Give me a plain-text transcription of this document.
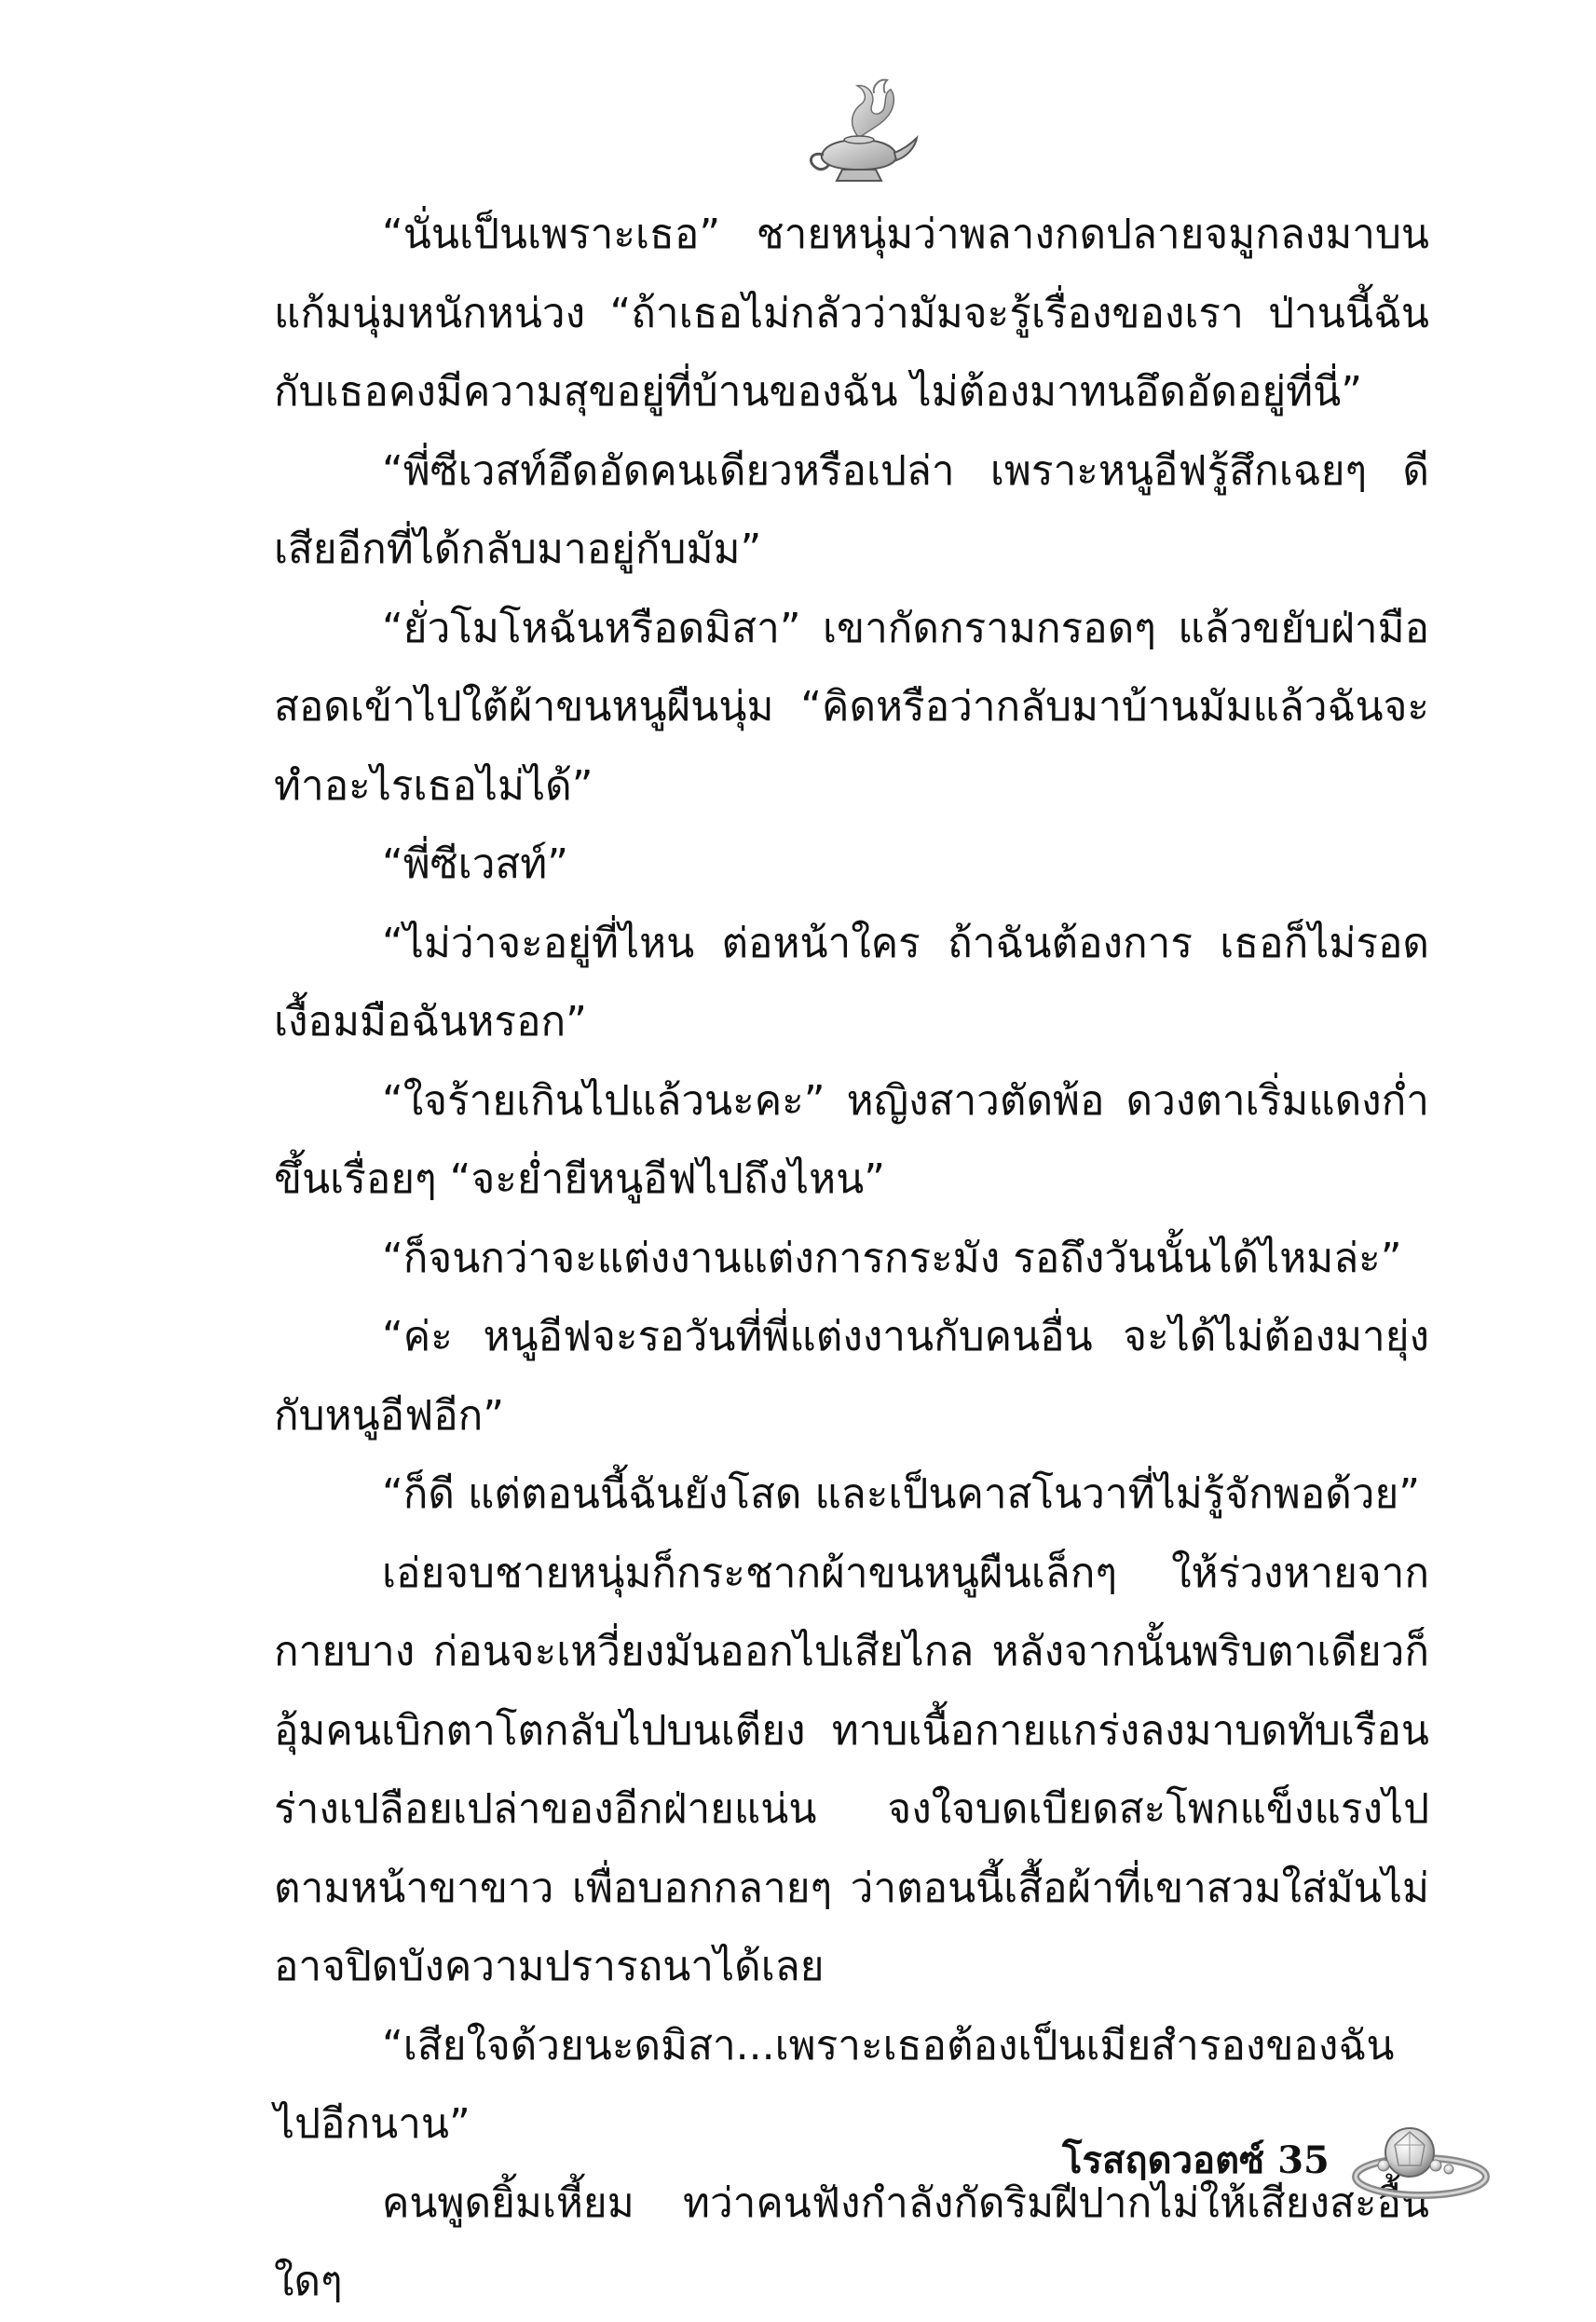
“นั่นเป็นเพราะเธอ” ชายหนุ่มว่าพลางกดปลายจมูกลงมาบนแก้มนุ่มหนักหน่วง “ถ้าเธอไม่กลัวว่ามัมจะรู้เรื่องของเรา ป่านนี้ฉันกับเธอคงมีความสุขอยู่ที่บ้านของฉัน ไม่ต้องมาทนอึดอัดอยู่ที่นี่”

“พี่ซีเวสท์อึดอัดคนเดียวหรือเปล่า เพราะหนูอีฟรู้สึกเฉยๆ ดีเสียอีกที่ได้กลับมาอยู่กับมัม”

“ยั่วโมโหฉันหรือดมิสา” เขากัดกรามกรอดๆ แล้วขยับฝ่ามือสอดเข้าไปใต้ผ้าขนหนูผืนนุ่ม “คิดหรือว่ากลับมาบ้านมัมแล้วฉันจะทำอะไรเธอไม่ได้”

“พี่ซีเวสท์”

“ไม่ว่าจะอยู่ที่ไหน ต่อหน้าใคร ถ้าฉันต้องการ เธอก็ไม่รอดเงื้อมมือฉันหรอก”

“ใจร้ายเกินไปแล้วนะคะ” หญิงสาวตัดพ้อ ดวงตาเริ่มแดงก่ำขึ้นเรื่อยๆ “จะย่ำยีหนูอีฟไปถึงไหน”

“ก็จนกว่าจะแต่งงานแต่งการกระมัง รอถึงวันนั้นได้ไหมล่ะ”

“ค่ะ หนูอีฟจะรอวันที่พี่แต่งงานกับคนอื่น จะได้ไม่ต้องมายุ่งกับหนูอีฟอีก”

“ก็ดี แต่ตอนนี้ฉันยังโสด และเป็นคาสโนวาที่ไม่รู้จักพอด้วย”

เอ่ยจบชายหนุ่มก็กระชากผ้าขนหนูผืนเล็กๆ ให้ร่วงหายจากกายบาง ก่อนจะเหวี่ยงมันออกไปเสียไกล หลังจากนั้นพริบตาเดียวก็อุ้มคนเบิกตาโตกลับไปบนเตียง ทาบเนื้อกายแกร่งลงมาบดทับเรือนร่างเปลือยเปล่าของอีกฝ่ายแน่น จงใจบดเบียดสะโพกแข็งแรงไปตามหน้าขาขาว เพื่อบอกกลายๆ ว่าตอนนี้เสื้อผ้าที่เขาสวมใส่มันไม่อาจปิดบังความปรารถนาได้เลย

“เสียใจด้วยนะดมิสา...เพราะเธอต้องเป็นเมียสำรองของฉันไปอีกนาน”

คนพูดยิ้มเหี้ยม ทว่าคนฟังกำลังกัดริมฝีปากไม่ให้เสียงสะอื้นใดๆ

โรสฤดวอตซ์ 35
